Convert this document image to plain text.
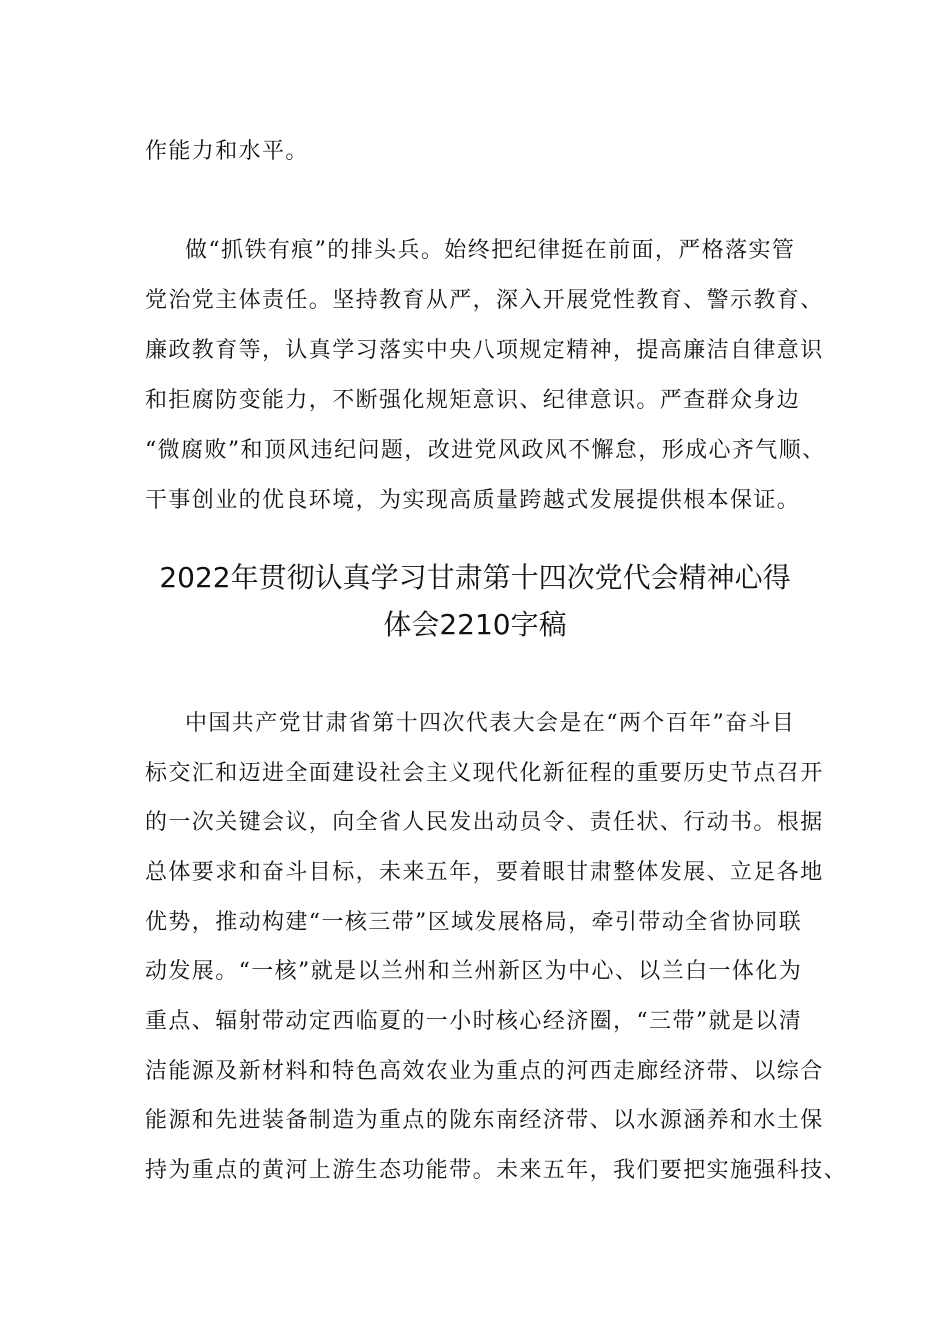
作能力和水平。
做“抓铁有痕”的排头兵。始终把纪律挺在前面，严格落实管
党治党主体责任。坚持教育从严，深入开展党性教育、警示教育、
廉政教育等，认真学习落实中央八项规定精神，提高廉洁自律意识
和拒腐防变能力，不断强化规矩意识、纪律意识。严查群众身边
“微腐败”和顶风违纪问题，改进党风政风不懈怠，形成心齐气顺、
干事创业的优良环境，为实现高质量跨越式发展提供根本保证。
2022年贯彻认真学习甘肃第十四次党代会精神心得
体会2210字稿
中国共产党甘肃省第十四次代表大会是在“两个百年”奋斗目
标交汇和迈进全面建设社会主义现代化新征程的重要历史节点召开
的一次关键会议，向全省人民发出动员令、责任状、行动书。根据
总体要求和奋斗目标，未来五年，要着眼甘肃整体发展、立足各地
优势，推动构建“一核三带”区域发展格局，牵引带动全省协同联
动发展。“一核”就是以兰州和兰州新区为中心、以兰白一体化为
重点、辐射带动定西临夏的一小时核心经济圈，“三带”就是以清
洁能源及新材料和特色高效农业为重点的河西走廊经济带、以综合
能源和先进装备制造为重点的陇东南经济带、以水源涵养和水土保
持为重点的黄河上游生态功能带。未来五年，我们要把实施强科技、
